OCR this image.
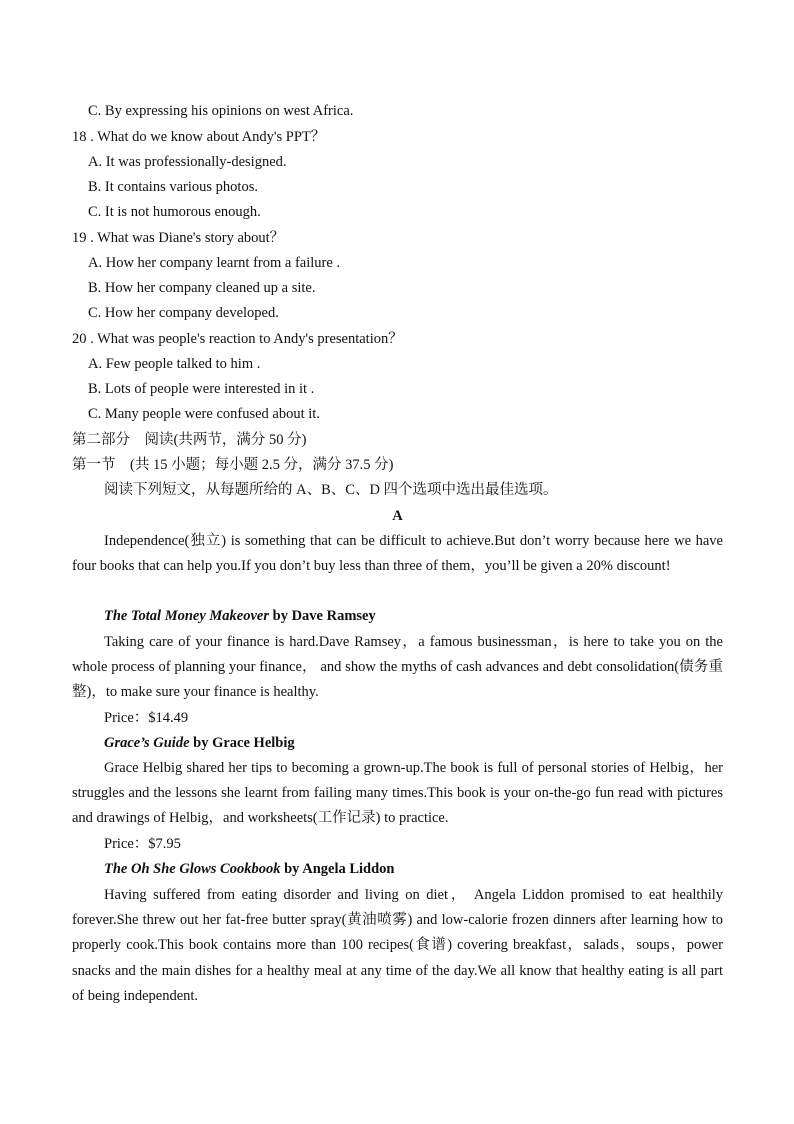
C. By expressing his opinions on west Africa.
18 . What do we know about Andy's PPT？
A. It was professionally-designed.
B. It contains various photos.
C. It is not humorous enough.
19 . What was Diane's story about？
A. How her company learnt from a failure .
B. How her company cleaned up a site.
C. How her company developed.
20 . What was people's reaction to Andy's presentation？
A. Few people talked to him .
B. Lots of people were interested in it .
C. Many people were confused about it.
第二部分　阅读(共两节，满分 50 分)
第一节　(共 15 小题；每小题 2.5 分，满分 37.5 分)
阅读下列短文，从每题所给的 A、B、C、D 四个选项中选出最佳选项。
A
Independence(独立) is something that can be difficult to achieve.But don’t worry because here we have four books that can help you.If you don’t buy less than three of them，you’ll be given a 20% discount!
The Total Money Makeover by Dave Ramsey
Taking care of your finance is hard.Dave Ramsey，a famous businessman，is here to take you on the whole process of planning your finance， and show the myths of cash advances and debt consolidation(债务重整)，to make sure your finance is healthy.
Price：$14.49
Grace’s Guide by Grace Helbig
Grace Helbig shared her tips to becoming a grown-up.The book is full of personal stories of Helbig，her struggles and the lessons she learnt from failing many times.This book is your on-the-go fun read with pictures and drawings of Helbig，and worksheets(工作记录) to practice.
Price：$7.95
The Oh She Glows Cookbook by Angela Liddon
Having suffered from eating disorder and living on diet， Angela Liddon promised to eat healthily forever.She threw out her fat-free butter spray(黄油喷雾) and low-calorie frozen dinners after learning how to properly cook.This book contains more than 100 recipes(食谱) covering breakfast，salads，soups，power snacks and the main dishes for a healthy meal at any time of the day.We all know that healthy eating is all part of being independent.
